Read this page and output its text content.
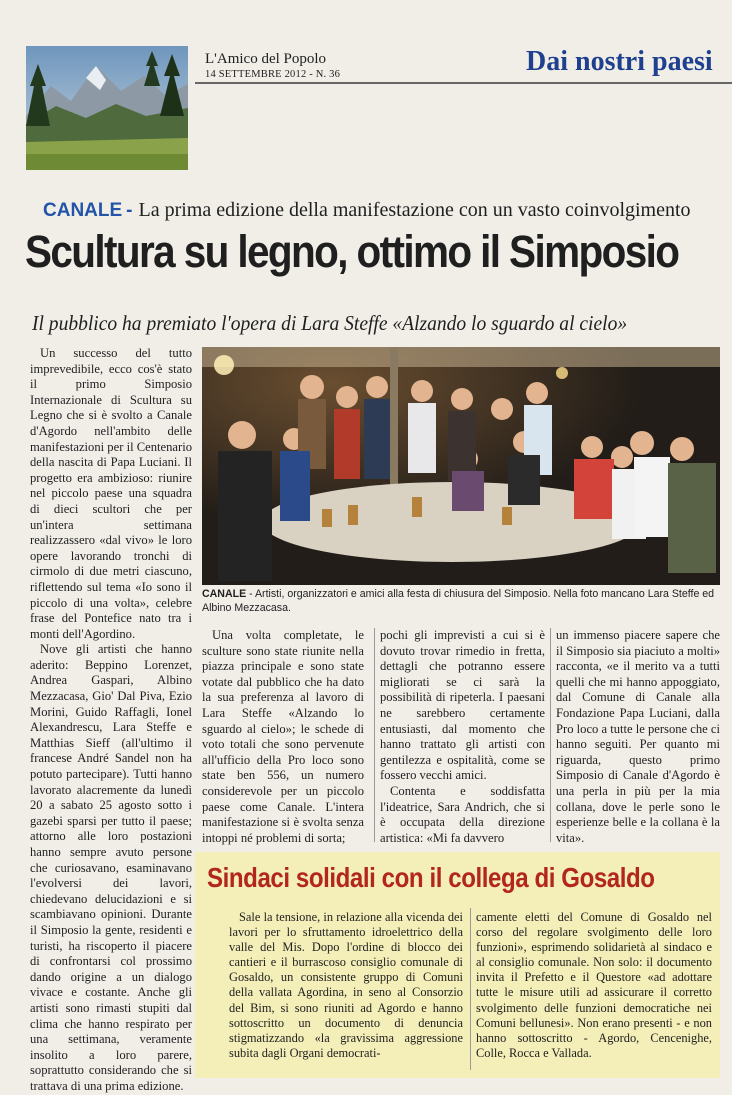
L'Amico del Popolo
14 SETTEMBRE 2012 - N. 36	Dai nostri paesi
CANALE - La prima edizione della manifestazione con un vasto coinvolgimento
Scultura su legno, ottimo il Simposio
Il pubblico ha premiato l'opera di Lara Steffe «Alzando lo sguardo al cielo»

Un successo del tutto imprevedibile, ecco cos'è stato il primo Simposio Internazionale di Scultura su Legno che si è svolto a Canale d'Agordo nell'ambito delle manifestazioni per il Centenario della nascita di Papa Luciani. Il progetto era ambizioso: riunire nel piccolo paese una squadra di dieci scultori che per un'intera settimana realizzassero «dal vivo» le loro opere lavorando tronchi di cirmolo di due metri ciascuno, riflettendo sul tema «Io sono il piccolo di una volta», celebre frase del Pontefice nato tra i monti dell'Agordino.

Nove gli artisti che hanno aderito: Beppino Lorenzet, Andrea Gaspari, Albino Mezzacasa, Gio' Dal Piva, Ezio Morini, Guido Raffagli, Ionel Alexandrescu, Lara Steffe e Matthias Sieff (all'ultimo il francese André Sandel non ha potuto partecipare). Tutti hanno lavorato alacremente da lunedì 20 a sabato 25 agosto sotto i gazebi sparsi per tutto il paese; attorno alle loro postazioni hanno sempre avuto persone che curiosavano, esaminavano l'evolversi dei lavori, chiedevano delucidazioni e si scambiavano opinioni. Durante il Simposio la gente, residenti e turisti, ha riscoperto il piacere di confrontarsi col prossimo dando origine a un dialogo vivace e costante. Anche gli artisti sono rimasti stupiti dal clima che hanno respirato per una settimana, veramente insolito a loro parere, soprattutto considerando che si trattava di una prima edizione.

CANALE - Artisti, organizzatori e amici alla festa di chiusura del Simposio. Nella foto mancano Lara Steffe ed Albino Mezzacasa.

Una volta completate, le sculture sono state riunite nella piazza principale e sono state votate dal pubblico che ha dato la sua preferenza al lavoro di Lara Steffe «Alzando lo sguardo al cielo»; le schede di voto totali che sono pervenute all'ufficio della Pro loco sono state ben 556, un numero considerevole per un piccolo paese come Canale. L'intera manifestazione si è svolta senza intoppi né problemi di sorta;

pochi gli imprevisti a cui si è dovuto trovar rimedio in fretta, dettagli che potranno essere migliorati se ci sarà la possibilità di ripeterla. I paesani ne sarebbero certamente entusiasti, dal momento che hanno trattato gli artisti con gentilezza e ospitalità, come se fossero vecchi amici.

Contenta e soddisfatta l'ideatrice, Sara Andrich, che si è occupata della direzione artistica: «Mi fa davvero

un immenso piacere sapere che il Simposio sia piaciuto a molti» racconta, «e il merito va a tutti quelli che mi hanno appoggiato, dal Comune di Canale alla Fondazione Papa Luciani, dalla Pro loco a tutte le persone che ci hanno seguiti. Per quanto mi riguarda, questo primo Simposio di Canale d'Agordo è una perla in più per la mia collana, dove le perle sono le esperienze belle e la collana è la vita».

Sindaci solidali con il collega di Gosaldo

Sale la tensione, in relazione alla vicenda dei lavori per lo sfruttamento idroelettrico della valle del Mis. Dopo l'ordine di blocco dei cantieri e il burrascoso consiglio comunale di Gosaldo, un consistente gruppo di Comuni della vallata Agordina, in seno al Consorzio del Bim, si sono riuniti ad Agordo e hanno sottoscritto un documento di denuncia stigmatizzando «la gravissima aggressione subita dagli Organi democrati-

camente eletti del Comune di Gosaldo nel corso del regolare svolgimento delle loro funzioni», esprimendo solidarietà al sindaco e al consiglio comunale. Non solo: il documento invita il Prefetto e il Questore «ad adottare tutte le misure utili ad assicurare il corretto svolgimento delle funzioni democratiche nei Comuni bellunesi». Non erano presenti - e non hanno sottoscritto - Agordo, Cencenighe, Colle, Rocca e Vallada.
